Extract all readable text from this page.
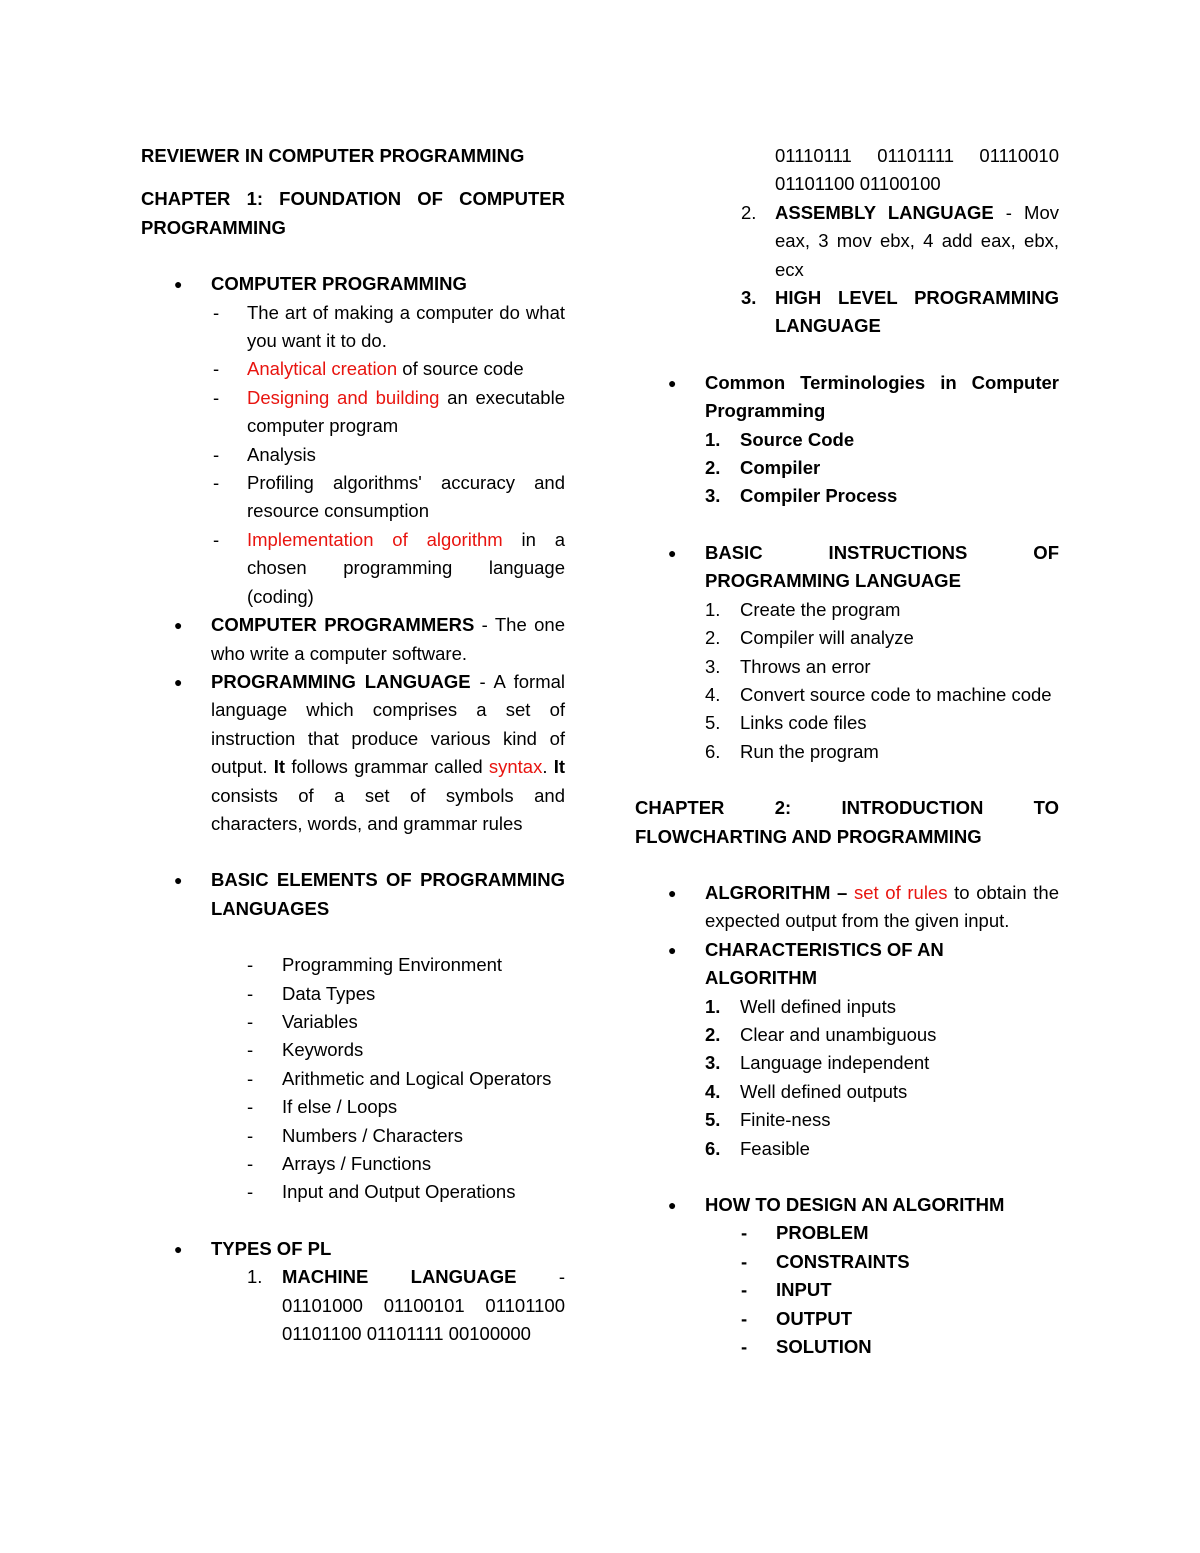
REVIEWER IN COMPUTER PROGRAMMING

CHAPTER 1: FOUNDATION OF COMPUTER PROGRAMMING

● COMPUTER PROGRAMMING
- The art of making a computer do what you want it to do.
- Analytical creation of source code
- Designing and building an executable computer program
- Analysis
- Profiling algorithms' accuracy and resource consumption
- Implementation of algorithm in a chosen programming language (coding)
● COMPUTER PROGRAMMERS - The one who write a computer software.
● PROGRAMMING LANGUAGE - A formal language which comprises a set of instruction that produce various kind of output. It follows grammar called syntax. It consists of a set of symbols and characters, words, and grammar rules
● BASIC ELEMENTS OF PROGRAMMING LANGUAGES
- Programming Environment
- Data Types
- Variables
- Keywords
- Arithmetic and Logical Operators
- If else / Loops
- Numbers / Characters
- Arrays / Functions
- Input and Output Operations
● TYPES OF PL
1. MACHINE LANGUAGE - 01101000 01100101 01101100 01101100 01101111 00100000
01110111 01101111 01110010 01101100 01100100
2. ASSEMBLY LANGUAGE - Mov eax, 3 mov ebx, 4 add eax, ebx, ecx
3. HIGH LEVEL PROGRAMMING LANGUAGE
● Common Terminologies in Computer Programming
1. Source Code
2. Compiler
3. Compiler Process
● BASIC INSTRUCTIONS OF PROGRAMMING LANGUAGE
1. Create the program
2. Compiler will analyze
3. Throws an error
4. Convert source code to machine code
5. Links code files
6. Run the program

CHAPTER 2: INTRODUCTION TO FLOWCHARTING AND PROGRAMMING

● ALGRORITHM – set of rules to obtain the expected output from the given input.
● CHARACTERISTICS OF AN ALGORITHM
1. Well defined inputs
2. Clear and unambiguous
3. Language independent
4. Well defined outputs
5. Finite-ness
6. Feasible
● HOW TO DESIGN AN ALGORITHM
- PROBLEM
- CONSTRAINTS
- INPUT
- OUTPUT
- SOLUTION
